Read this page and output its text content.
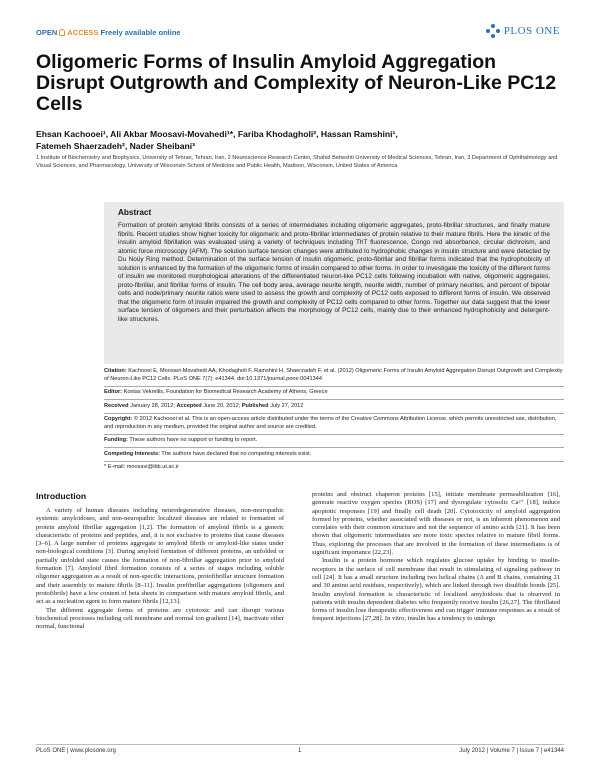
OPEN ACCESS Freely available online	PLOS ONE
Oligomeric Forms of Insulin Amyloid Aggregation Disrupt Outgrowth and Complexity of Neuron-Like PC12 Cells
Ehsan Kachooei¹, Ali Akbar Moosavi-Movahedi¹*, Fariba Khodagholi², Hassan Ramshini¹,
Fatemeh Shaerzadeh², Nader Sheibani³
1 Institute of Biochemistry and Biophysics, University of Tehran, Tehran, Iran, 2 Neuroscience Research Center, Shahid Beheshti University of Medical Sciences, Tehran, Iran, 3 Department of Ophthalmology and Visual Sciences, and Pharmacology, University of Wisconsin School of Medicine and Public Health, Madison, Wisconsin, United States of America
Abstract

Formation of protein amyloid fibrils consists of a series of intermediates including oligomeric aggregates, proto-fibrillar structures, and finally mature fibrils. Recent studies show higher toxicity for oligomeric and proto-fibrillar intermediates of protein relative to their mature fibrils. Here the kinetic of the insulin amyloid fibrillation was evaluated using a variety of techniques including ThT fluorescence, Congo red absorbance, circular dichroism, and atomic force microscopy (AFM). The solution surface tension changes were attributed to hydrophobic changes in insulin structure and were detected by Du Noüy Ring method. Determination of the surface tension of insulin oligomeric, proto-fibrillar and fibrillar forms indicated that the hydrophobicity of solution is enhanced by the formation of the oligomeric forms of insulin compared to other forms. In order to investigate the toxicity of the different forms of insulin we monitored morphological alterations of the differentiated neuron-like PC12 cells following incubation with native, oligomeric aggregates, proto-fibrillar, and fibrillar forms of insulin. The cell body area, average neurite length, neurite width, number of primary neurites, and percent of bipolar cells and node/primary neurite ratios were used to assess the growth and complexity of PC12 cells exposed to different forms of insulin. We observed that the oligomeric form of insulin impaired the growth and complexity of PC12 cells compared to other forms. Together our data suggest that the lower surface tension of oligomers and their perturbation affects the morphology of PC12 cells, mainly due to their enhanced hydrophobicity and detergent-like structures.

Citation: Kachooei E, Moosavi-Movahedi AA, Khodagholi F, Ramshini H, Shaerzadeh F, et al. (2012) Oligomeric Forms of Insulin Amyloid Aggregation Disrupt Outgrowth and Complexity of Neuron-Like PC12 Cells. PLoS ONE 7(7): e41344. doi:10.1371/journal.pone.0041344

Editor: Kostas Vekrellis, Foundation for Biomedical Research Academy of Athens, Greece

Received January 28, 2012; Accepted June 20, 2012; Published July 27, 2012

Copyright: © 2012 Kachooei et al. This is an open-access article distributed under the terms of the Creative Commons Attribution License, which permits unrestricted use, distribution, and reproduction in any medium, provided the original author and source are credited.

Funding: These authors have no support or funding to report.

Competing Interests: The authors have declared that no competing interests exist.

* E-mail: moosavi@ibb.ut.ac.ir

Introduction

A variety of human diseases including neurodegenerative diseases, non-neuropathic systemic amyloidoses, and non-neuropathic localized diseases are related to formation of protein amyloid fibrillar aggregation [1,2]. The formation of amyloid fibrils is a generic characteristic of proteins and peptides, and, it is not exclusive to proteins that cause diseases [3–6]. A large number of proteins aggregate to amyloid fibrils or amyloid-like states under non-biological conditions [3]. During amyloid formation of different proteins, an unfolded or partially unfolded state causes the formation of non-fibrillar aggregation prior to amyloid formation [7]. Amyloid fibril formation consists of a series of stages including soluble oligomer aggregation as a result of non-specific interactions, protofibrillar structure formation and their assembly to mature fibrils [8–11]. Insulin prefibrillar aggregations (oligomers and protofibrils) have a low content of beta sheets in comparison with mature amyloid fibrils, and act as a nucleation agent to form mature fibrils [12,13].

The different aggregate forms of proteins are cytotoxic and can disrupt various biochemical processes including cell membrane and normal ion gradient [14], inactivate other normal, functional

proteins and obstruct chaperon proteins [15], initiate membrane permeabilization [16], generate reactive oxygen species (ROS) [17] and dysregulate cytosolic Ca²⁺ [18], induce apoptotic responses [19] and finally cell death [20]. Cytotoxicity of amyloid aggregation formed by proteins, whether associated with diseases or not, is an inherent phenomenon and correlates with their common structure and not the sequence of amino acids [21]. It has been shown that oligomeric intermediates are more toxic species relative to mature fibril forms. Thus, exploring the processes that are involved in the formation of these intermediates is of significant importance [22,23].

Insulin is a protein hormone which regulates glucose uptake by binding to insulin-receptors in the surface of cell membrane that result in stimulating of signaling pathway in cell [24]. It has a small structure including two helical chains (A and B chains, containing 21 and 30 amino acid residues, respectively), which are linked through two disulfide bonds [25]. Insulin amyloid formation is characteristic of localized amyloidosis that is observed in patients with insulin dependent diabetes who frequently receive insulin [26,27]. The fibrillated forms of insulin lose therapeutic effectiveness and can trigger immune responses as a result of frequent injections [27,28]. In vitro, insulin has a tendency to undergo

PLoS ONE | www.plosone.org	1	July 2012 | Volume 7 | Issue 7 | e41344
